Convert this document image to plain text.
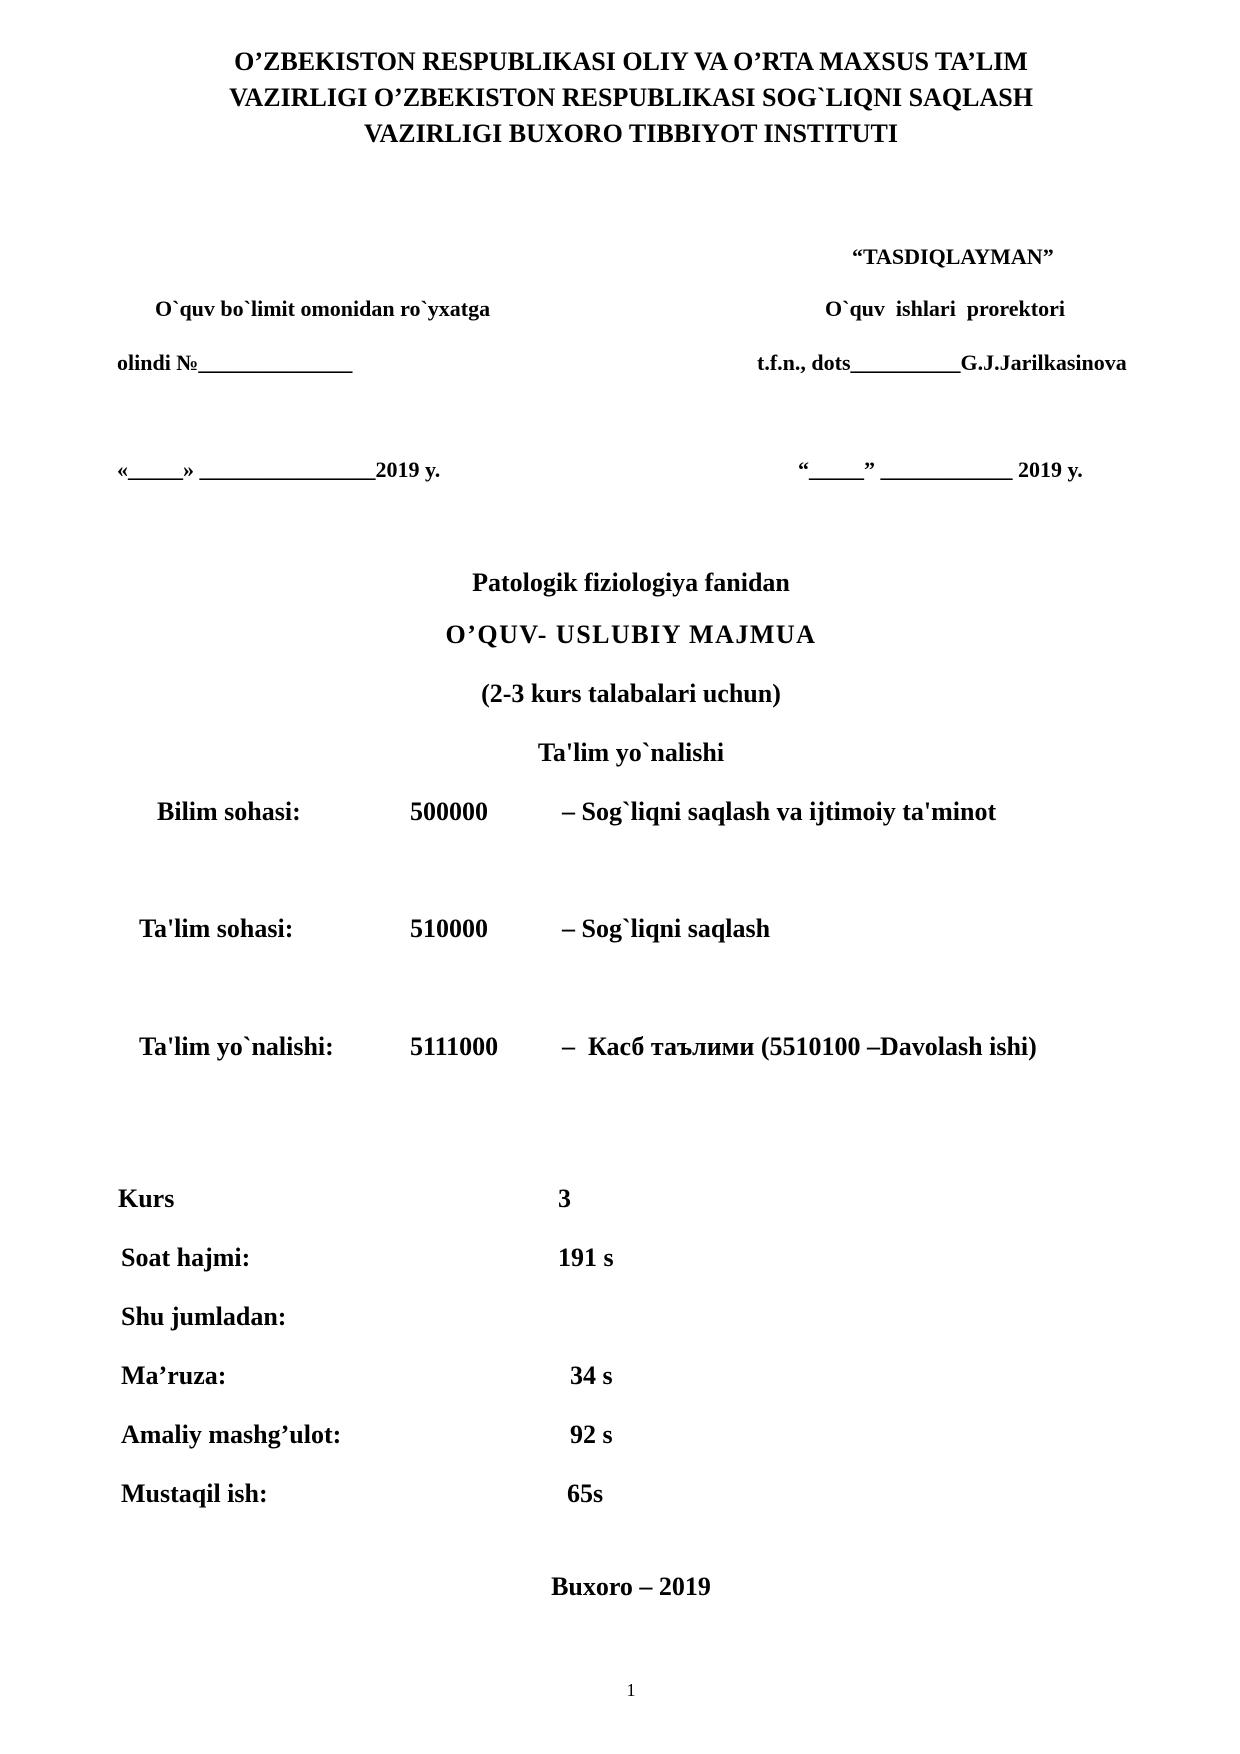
O’ZBEKISTON RESPUBLIKASI OLIY VA O’RTA MAXSUS TA’LIM
VAZIRLIGI O’ZBEKISTON RESPUBLIKASI SOG`LIQNI SAQLASH
VAZIRLIGI BUXORO TIBBIYOT INSTITUTI
“TASDIQLAYMAN”
O`quv  ishlari  prorektori
t.f.n., dots__________G.J.Jarilkasinova
“_____” ____________ 2019 y.
O`quv bo`limit omonidan ro`yxatga
olindi №______________
«_____» ________________2019 y.
Patologik fiziologiya fanidan
O’QUV- USLUBIY MAJMUA
(2-3 kurs talabalari uchun)
Ta'lim yo`nalishi
Bilim sohasi:	500000	– Sog`liqni saqlash va ijtimoiy ta'minot
Ta'lim sohasi:	510000	– Sog`liqni saqlash
Ta'lim yo`nalishi:	5111000 –  Касб таълими (5510100 –Davolash ishi)
Kurs	3
Soat hajmi:	191 s
Shu jumladan:
Ma’ruza:	34 s
Amaliy mashg’ulot:	92 s
Mustaqil ish:	65s
Buxoro – 2019
1
